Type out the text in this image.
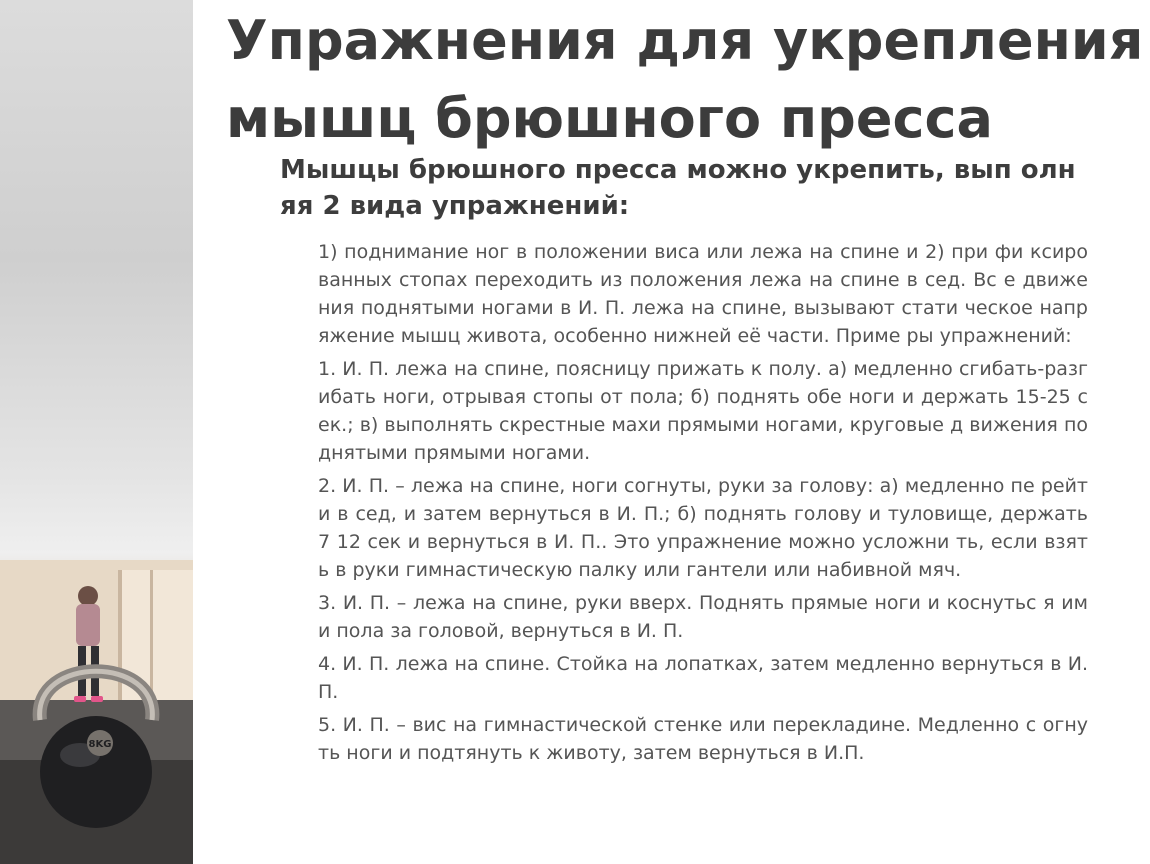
8KG
Упражнения для укрепления мышц брюшного пресса
Мышцы брюшного пресса можно укрепить, вып олняя 2 вида упражнений:

1) поднимание ног в положении виса или лежа на спине и 2) при фи ксированных стопах переходить из положения лежа на спине в сед. Вс е движения поднятыми ногами в И. П. лежа на спине, вызывают стати ческое напряжение мышц живота, особенно нижней её части. Приме ры упражнений:

1. И. П. лежа на спине, поясницу прижать к полу. а) медленно сгибать-разгибать ноги, отрывая стопы от пола; б) поднять обе ноги и держать 15-25 сек.; в) выполнять скрестные махи прямыми ногами, круговые д вижения поднятыми прямыми ногами.

2. И. П. – лежа на спине, ноги согнуты, руки за голову: а) медленно пе рейти в сед, и затем вернуться в И. П.; б) поднять голову и туловище, держать 7 12 сек и вернуться в И. П.. Это упражнение можно усложни ть, если взять в руки гимнастическую палку или гантели или набивной мяч.

3. И. П. – лежа на спине, руки вверх. Поднять прямые ноги и коснутьс я ими пола за головой, вернуться в И. П.

4. И. П. лежа на спине. Стойка на лопатках, затем медленно вернуться в И.П.

5. И. П. – вис на гимнастической стенке или перекладине. Медленно с огнуть ноги и подтянуть к животу, затем вернуться в И.П.
